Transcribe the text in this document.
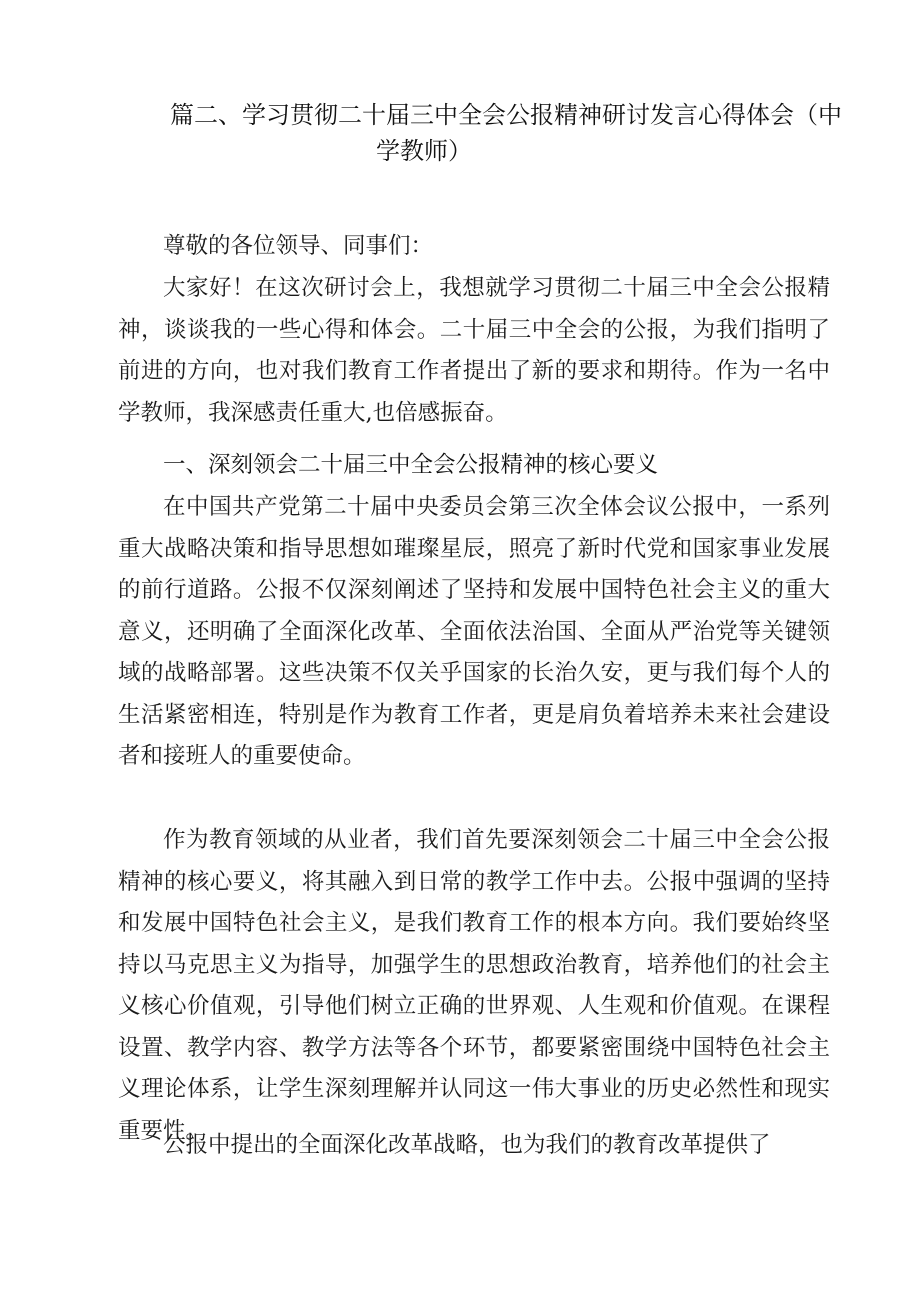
篇二、学习贯彻二十届三中全会公报精神研讨发言心得体会（中
学教师）

尊敬的各位领导、同事们：

大家好！在这次研讨会上，我想就学习贯彻二十届三中全会公报精神，谈谈我的一些心得和体会。二十届三中全会的公报，为我们指明了前进的方向，也对我们教育工作者提出了新的要求和期待。作为一名中学教师，我深感责任重大,也倍感振奋。

一、深刻领会二十届三中全会公报精神的核心要义

在中国共产党第二十届中央委员会第三次全体会议公报中，一系列重大战略决策和指导思想如璀璨星辰，照亮了新时代党和国家事业发展的前行道路。公报不仅深刻阐述了坚持和发展中国特色社会主义的重大意义，还明确了全面深化改革、全面依法治国、全面从严治党等关键领域的战略部署。这些决策不仅关乎国家的长治久安，更与我们每个人的生活紧密相连，特别是作为教育工作者，更是肩负着培养未来社会建设者和接班人的重要使命。

作为教育领域的从业者，我们首先要深刻领会二十届三中全会公报精神的核心要义，将其融入到日常的教学工作中去。公报中强调的坚持和发展中国特色社会主义，是我们教育工作的根本方向。我们要始终坚持以马克思主义为指导，加强学生的思想政治教育，培养他们的社会主义核心价值观，引导他们树立正确的世界观、人生观和价值观。在课程设置、教学内容、教学方法等各个环节，都要紧密围绕中国特色社会主义理论体系，让学生深刻理解并认同这一伟大事业的历史必然性和现实重要性。

公报中提出的全面深化改革战略，也为我们的教育改革提供了
